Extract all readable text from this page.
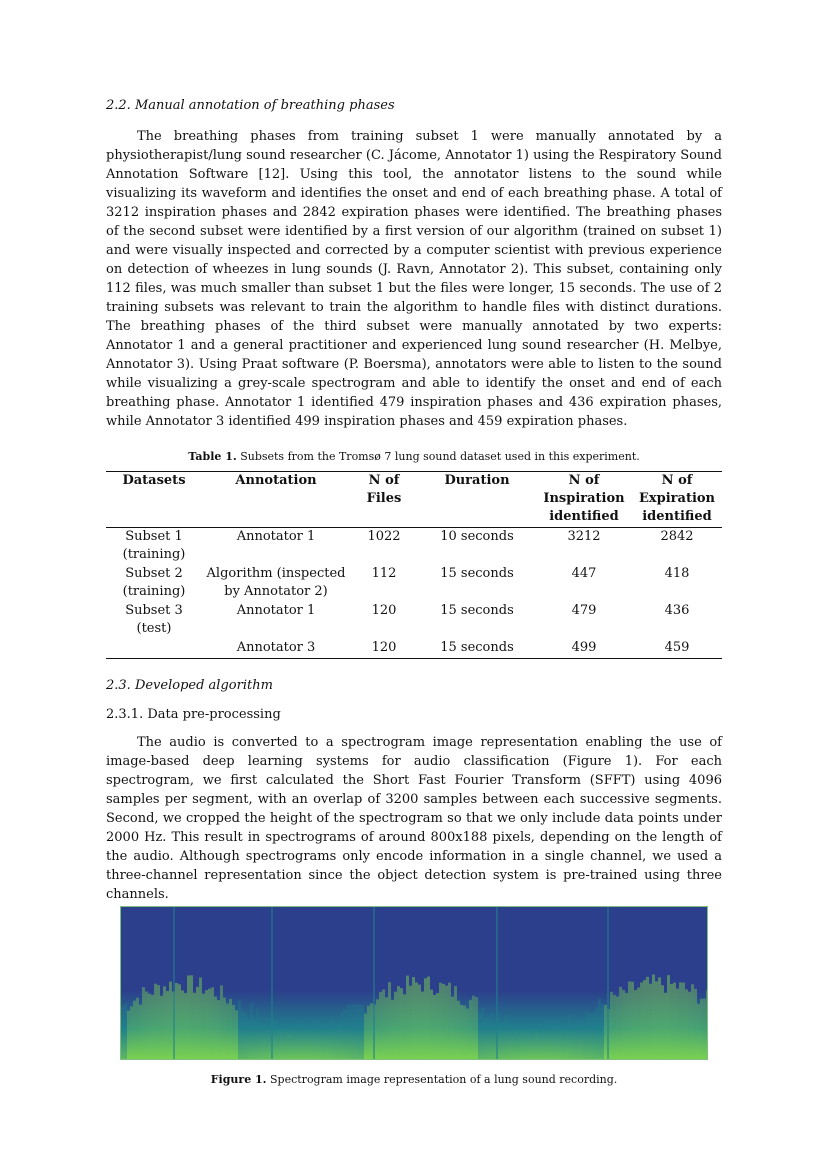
2.2. Manual annotation of breathing phases

The breathing phases from training subset 1 were manually annotated by a physiotherapist/lung sound researcher (C. Jácome, Annotator 1) using the Respiratory Sound Annotation Software [12]. Using this tool, the annotator listens to the sound while visualizing its waveform and identifies the onset and end of each breathing phase. A total of 3212 inspiration phases and 2842 expiration phases were identified. The breathing phases of the second subset were identified by a first version of our algorithm (trained on subset 1) and were visually inspected and corrected by a computer scientist with previous experience on detection of wheezes in lung sounds (J. Ravn, Annotator 2). This subset, containing only 112 files, was much smaller than subset 1 but the files were longer, 15 seconds. The use of 2 training subsets was relevant to train the algorithm to handle files with distinct durations. The breathing phases of the third subset were manually annotated by two experts: Annotator 1 and a general practitioner and experienced lung sound researcher (H. Melbye, Annotator 3). Using Praat software (P. Boersma), annotators were able to listen to the sound while visualizing a grey-scale spectrogram and able to identify the onset and end of each breathing phase. Annotator 1 identified 479 inspiration phases and 436 expiration phases, while Annotator 3 identified 499 inspiration phases and 459 expiration phases.

Table 1. Subsets from the Tromsø 7 lung sound dataset used in this experiment.

Datasets	Annotation	N of Files	Duration	N of Inspiration identified	N of Expiration identified
Subset 1 (training)	Annotator 1	1022	10 seconds	3212	2842
Subset 2 (training)	Algorithm (inspected by Annotator 2)	112	15 seconds	447	418
Subset 3 (test)	Annotator 1	120	15 seconds	479	436
	Annotator 3	120	15 seconds	499	459

2.3. Developed algorithm

2.3.1. Data pre-processing

The audio is converted to a spectrogram image representation enabling the use of image-based deep learning systems for audio classification (Figure 1). For each spectrogram, we first calculated the Short Fast Fourier Transform (SFFT) using 4096 samples per segment, with an overlap of 3200 samples between each successive segments. Second, we cropped the height of the spectrogram so that we only include data points under 2000 Hz. This result in spectrograms of around 800x188 pixels, depending on the length of the audio. Although spectrograms only encode information in a single channel, we used a three-channel representation since the object detection system is pre-trained using three channels.

Figure 1. Spectrogram image representation of a lung sound recording.
